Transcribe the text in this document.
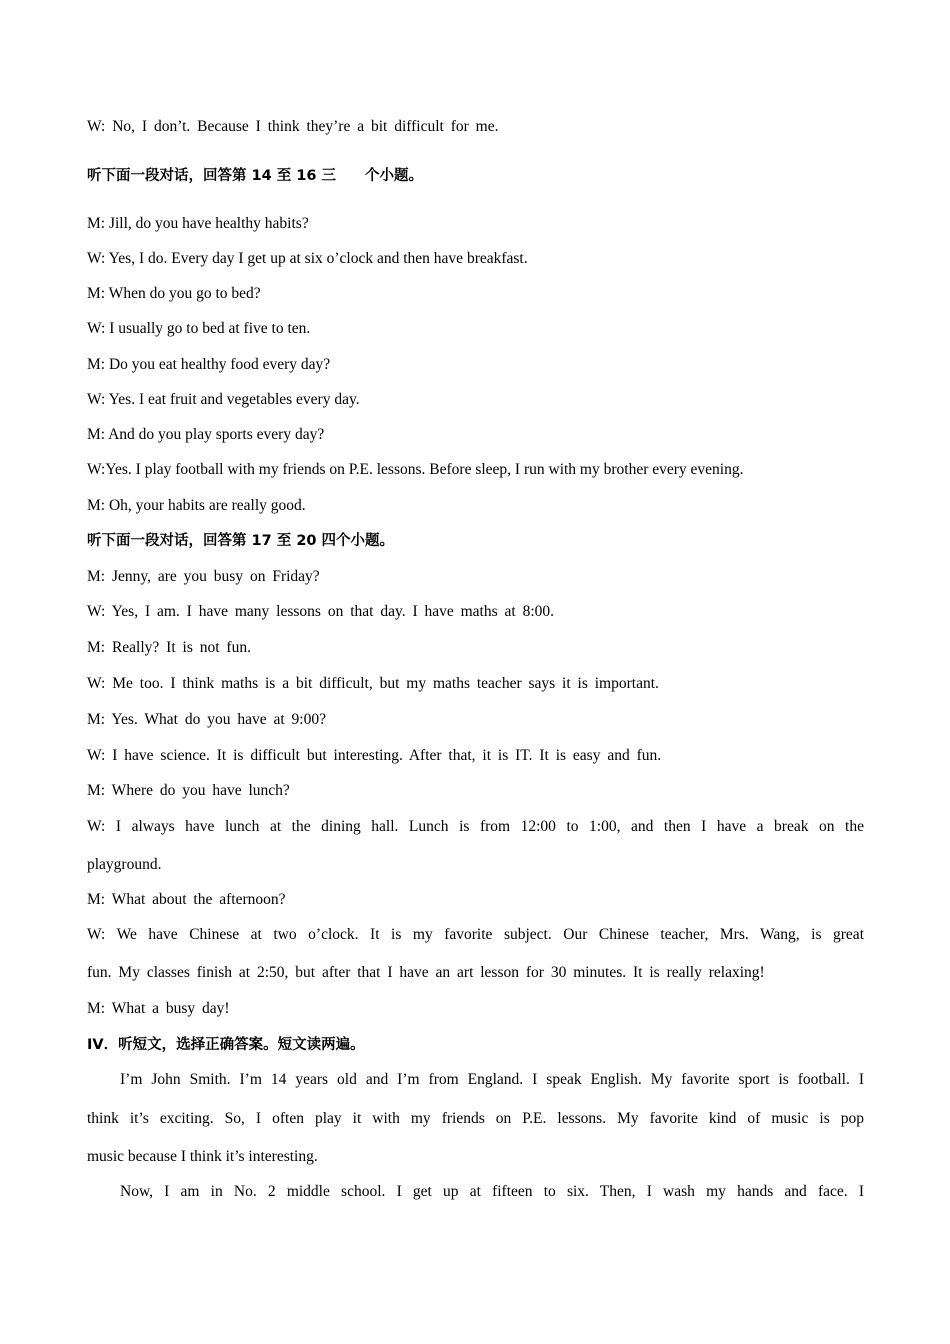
W: No, I don’t. Because I think they’re a bit difficult for me.
听下面一段对话，回答第 14 至 16 三　　个小题。
M: Jill, do you have healthy habits?
W: Yes, I do. Every day I get up at six o’clock and then have breakfast.
M: When do you go to bed?
W: I usually go to bed at five to ten.
M: Do you eat healthy food every day?
W: Yes. I eat fruit and vegetables every day.
M: And do you play sports every day?
W:Yes. I play football with my friends on P.E. lessons. Before sleep, I run with my brother every evening.
M: Oh, your habits are really good.
听下面一段对话，回答第 17 至 20 四个小题。
M: Jenny, are you busy on Friday?
W: Yes, I am. I have many lessons on that day. I have maths at 8:00.
M: Really? It is not fun.
W: Me too. I think maths is a bit difficult, but my maths teacher says it is important.
M: Yes. What do you have at 9:00?
W: I have science. It is difficult but interesting. After that, it is IT. It is easy and fun.
M: Where do you have lunch?
W: I always have lunch at the dining hall. Lunch is from 12:00 to 1:00, and then I have a break on the
playground.
M: What about the afternoon?
W: We have Chinese at two o’clock. It is my favorite subject. Our Chinese teacher, Mrs. Wang, is great
fun. My classes finish at 2:50, but after that I have an art lesson for 30 minutes. It is really relaxing!
M: What a busy day!
IV．听短文，选择正确答案。短文读两遍。
I’m John Smith. I’m 14 years old and I’m from England. I speak English. My favorite sport is football. I
think it’s exciting. So, I often play it with my friends on P.E. lessons. My favorite kind of music is pop
music because I think it’s interesting.
Now, I am in No. 2 middle school. I get up at fifteen to six. Then, I wash my hands and face. I
